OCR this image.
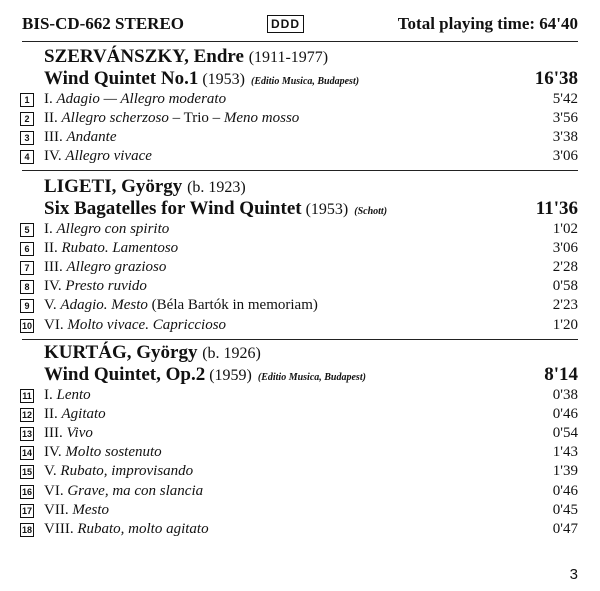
BIS-CD-662 STEREO	DDD	Total playing time: 64'40
SZERVÁNSZKY, Endre (1911-1977)
Wind Quintet No.1 (1953) (Editio Musica, Budapest)	16'38
1 I. Adagio — Allegro moderato	5'42
2 II. Allegro scherzoso – Trio – Meno mosso	3'56
3 III. Andante	3'38
4 IV. Allegro vivace	3'06
LIGETI, György (b. 1923)
Six Bagatelles for Wind Quintet (1953) (Schott)	11'36
5 I. Allegro con spirito	1'02
6 II. Rubato. Lamentoso	3'06
7 III. Allegro grazioso	2'28
8 IV. Presto ruvido	0'58
9 V. Adagio. Mesto (Béla Bartók in memoriam)	2'23
10 VI. Molto vivace. Capriccioso	1'20
KURTÁG, György (b. 1926)
Wind Quintet, Op.2 (1959) (Editio Musica, Budapest)	8'14
11 I. Lento	0'38
12 II. Agitato	0'46
13 III. Vivo	0'54
14 IV. Molto sostenuto	1'43
15 V. Rubato, improvisando	1'39
16 VI. Grave, ma con slancia	0'46
17 VII. Mesto	0'45
18 VIII. Rubato, molto agitato	0'47
3
